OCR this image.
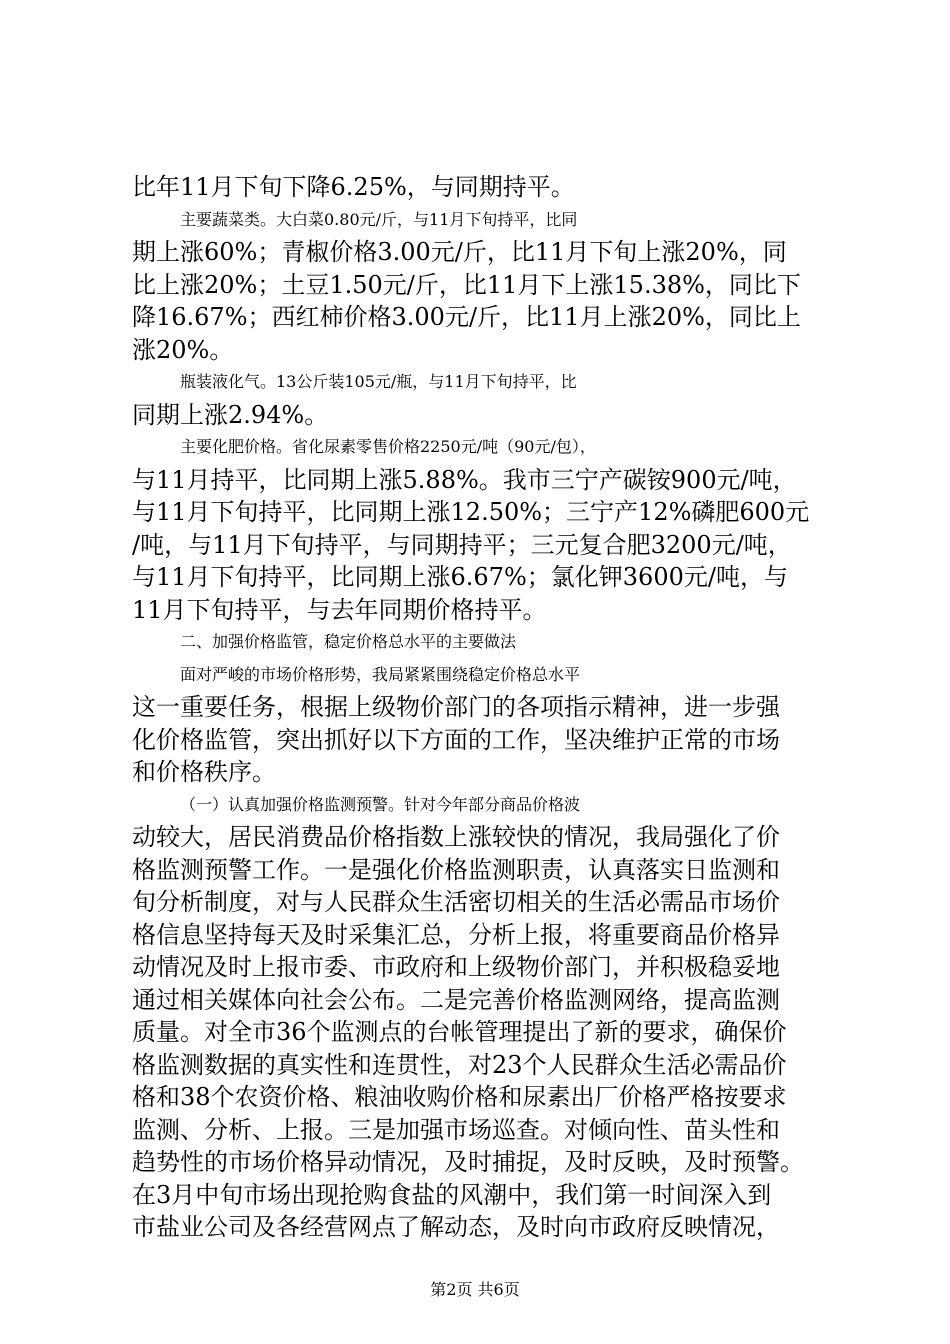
比年11月下旬下降6.25%，与同期持平。
主要蔬菜类。大白菜0.80元/斤，与11月下旬持平，比同
期上涨60%；青椒价格3.00元/斤，比11月下旬上涨20%，同
比上涨20%；土豆1.50元/斤，比11月下上涨15.38%，同比下
降16.67%；西红柿价格3.00元/斤，比11月上涨20%，同比上
涨20%。
瓶装液化气。13公斤装105元/瓶，与11月下旬持平，比
同期上涨2.94%。
主要化肥价格。省化尿素零售价格2250元/吨（90元/包），
与11月持平，比同期上涨5.88%。我市三宁产碳铵900元/吨，
与11月下旬持平，比同期上涨12.50%；三宁产12%磷肥600元
/吨，与11月下旬持平，与同期持平；三元复合肥3200元/吨，
与11月下旬持平，比同期上涨6.67%；氯化钾3600元/吨，与
11月下旬持平，与去年同期价格持平。
二、加强价格监管，稳定价格总水平的主要做法
面对严峻的市场价格形势，我局紧紧围绕稳定价格总水平
这一重要任务，根据上级物价部门的各项指示精神，进一步强
化价格监管，突出抓好以下方面的工作，坚决维护正常的市场
和价格秩序。
（一）认真加强价格监测预警。针对今年部分商品价格波
动较大，居民消费品价格指数上涨较快的情况，我局强化了价
格监测预警工作。一是强化价格监测职责，认真落实日监测和
旬分析制度，对与人民群众生活密切相关的生活必需品市场价
格信息坚持每天及时采集汇总，分析上报，将重要商品价格异
动情况及时上报市委、市政府和上级物价部门，并积极稳妥地
通过相关媒体向社会公布。二是完善价格监测网络，提高监测
质量。对全市36个监测点的台帐管理提出了新的要求，确保价
格监测数据的真实性和连贯性，对23个人民群众生活必需品价
格和38个农资价格、粮油收购价格和尿素出厂价格严格按要求
监测、分析、上报。三是加强市场巡查。对倾向性、苗头性和
趋势性的市场价格异动情况，及时捕捉，及时反映，及时预警。
在3月中旬市场出现抢购食盐的风潮中，我们第一时间深入到
市盐业公司及各经营网点了解动态，及时向市政府反映情况，
第2页 共6页
